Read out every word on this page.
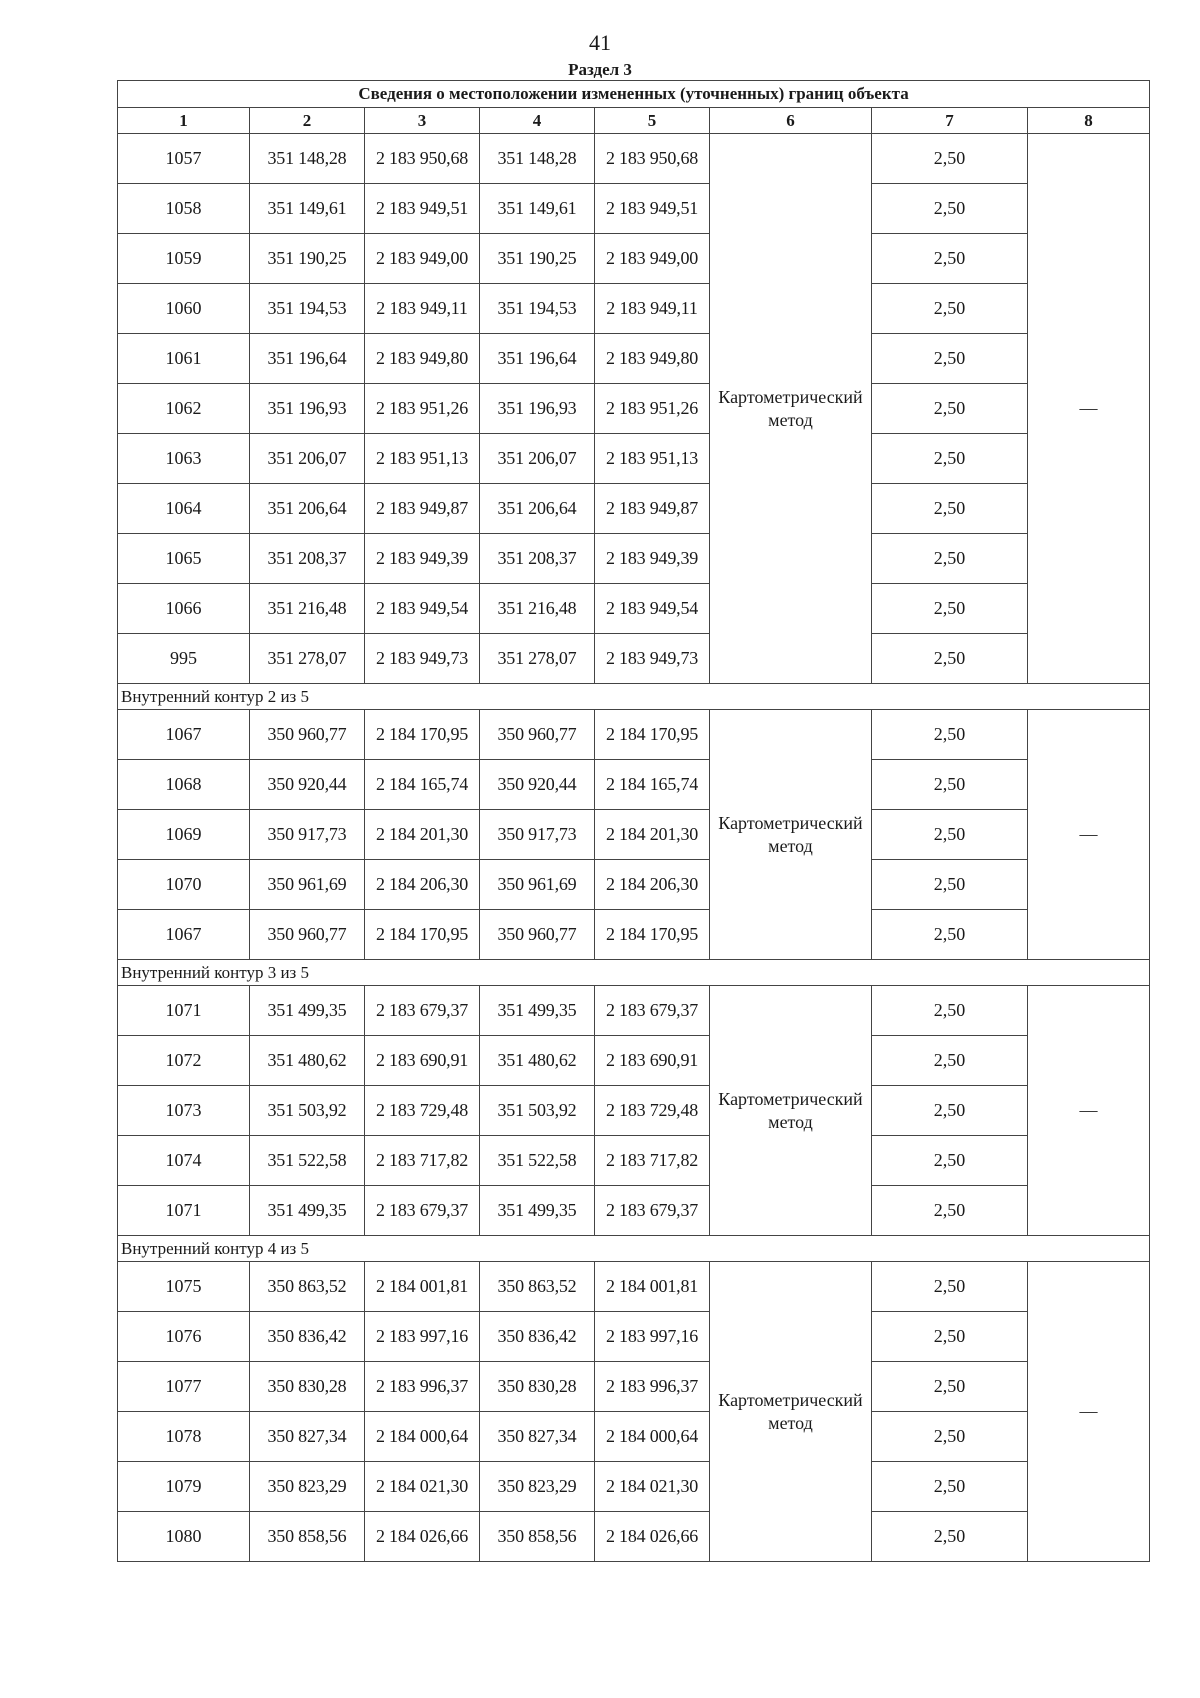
41
Раздел 3
Сведения о местоположении измененных (уточненных) границ объекта							
1	2	3	4	5	6	7	8
1057	351 148,28	2 183 950,68	351 148,28	2 183 950,68	Картометрический метод	2,50	—
1058	351 149,61	2 183 949,51	351 149,61	2 183 949,51		2,50	
1059	351 190,25	2 183 949,00	351 190,25	2 183 949,00		2,50	
1060	351 194,53	2 183 949,11	351 194,53	2 183 949,11		2,50	
1061	351 196,64	2 183 949,80	351 196,64	2 183 949,80		2,50	
1062	351 196,93	2 183 951,26	351 196,93	2 183 951,26		2,50	
1063	351 206,07	2 183 951,13	351 206,07	2 183 951,13		2,50	
1064	351 206,64	2 183 949,87	351 206,64	2 183 949,87		2,50	
1065	351 208,37	2 183 949,39	351 208,37	2 183 949,39		2,50	
1066	351 216,48	2 183 949,54	351 216,48	2 183 949,54		2,50	
995	351 278,07	2 183 949,73	351 278,07	2 183 949,73		2,50	
Внутренний контур 2 из 5							
1067	350 960,77	2 184 170,95	350 960,77	2 184 170,95	Картометрический метод	2,50	—
1068	350 920,44	2 184 165,74	350 920,44	2 184 165,74		2,50	
1069	350 917,73	2 184 201,30	350 917,73	2 184 201,30		2,50	
1070	350 961,69	2 184 206,30	350 961,69	2 184 206,30		2,50	
1067	350 960,77	2 184 170,95	350 960,77	2 184 170,95		2,50	
Внутренний контур 3 из 5							
1071	351 499,35	2 183 679,37	351 499,35	2 183 679,37	Картометрический метод	2,50	—
1072	351 480,62	2 183 690,91	351 480,62	2 183 690,91		2,50	
1073	351 503,92	2 183 729,48	351 503,92	2 183 729,48		2,50	
1074	351 522,58	2 183 717,82	351 522,58	2 183 717,82		2,50	
1071	351 499,35	2 183 679,37	351 499,35	2 183 679,37		2,50	
Внутренний контур 4 из 5							
1075	350 863,52	2 184 001,81	350 863,52	2 184 001,81	Картометрический метод	2,50	—
1076	350 836,42	2 183 997,16	350 836,42	2 183 997,16		2,50	
1077	350 830,28	2 183 996,37	350 830,28	2 183 996,37		2,50	
1078	350 827,34	2 184 000,64	350 827,34	2 184 000,64		2,50	
1079	350 823,29	2 184 021,30	350 823,29	2 184 021,30		2,50	
1080	350 858,56	2 184 026,66	350 858,56	2 184 026,66		2,50	
